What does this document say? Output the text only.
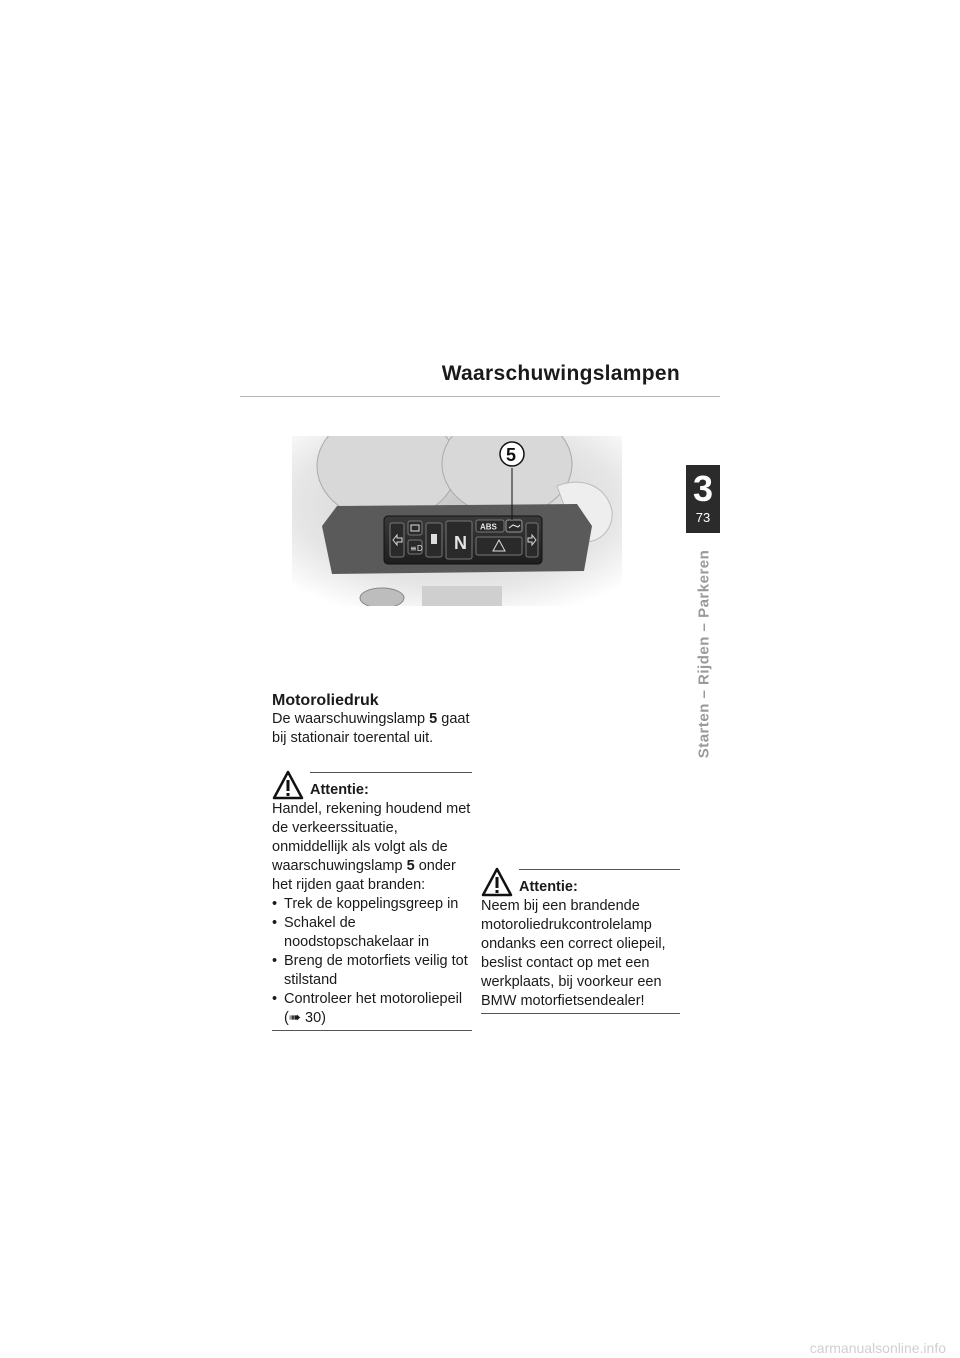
Waarschuwingslampen
3
73
Starten – Rijden – Parkeren
≡D N
ABS
5
Motoroliedruk
De waarschuwingslamp 5 gaat bij stationair toerental uit.
Attentie:
Handel, rekening houdend met de verkeerssituatie, onmiddellijk als volgt als de waarschuwingslamp 5 onder het rijden gaat branden:
• Trek de koppelingsgreep in
• Schakel de noodstopschakelaar in
• Breng de motorfiets veilig tot stilstand
• Controleer het motoroliepeil (➠ 30)
Attentie:
Neem bij een brandende motoroliedrukcontrolelamp ondanks een correct oliepeil, beslist contact op met een werkplaats, bij voorkeur een BMW motorfietsendealer!
carmanualsonline.info
